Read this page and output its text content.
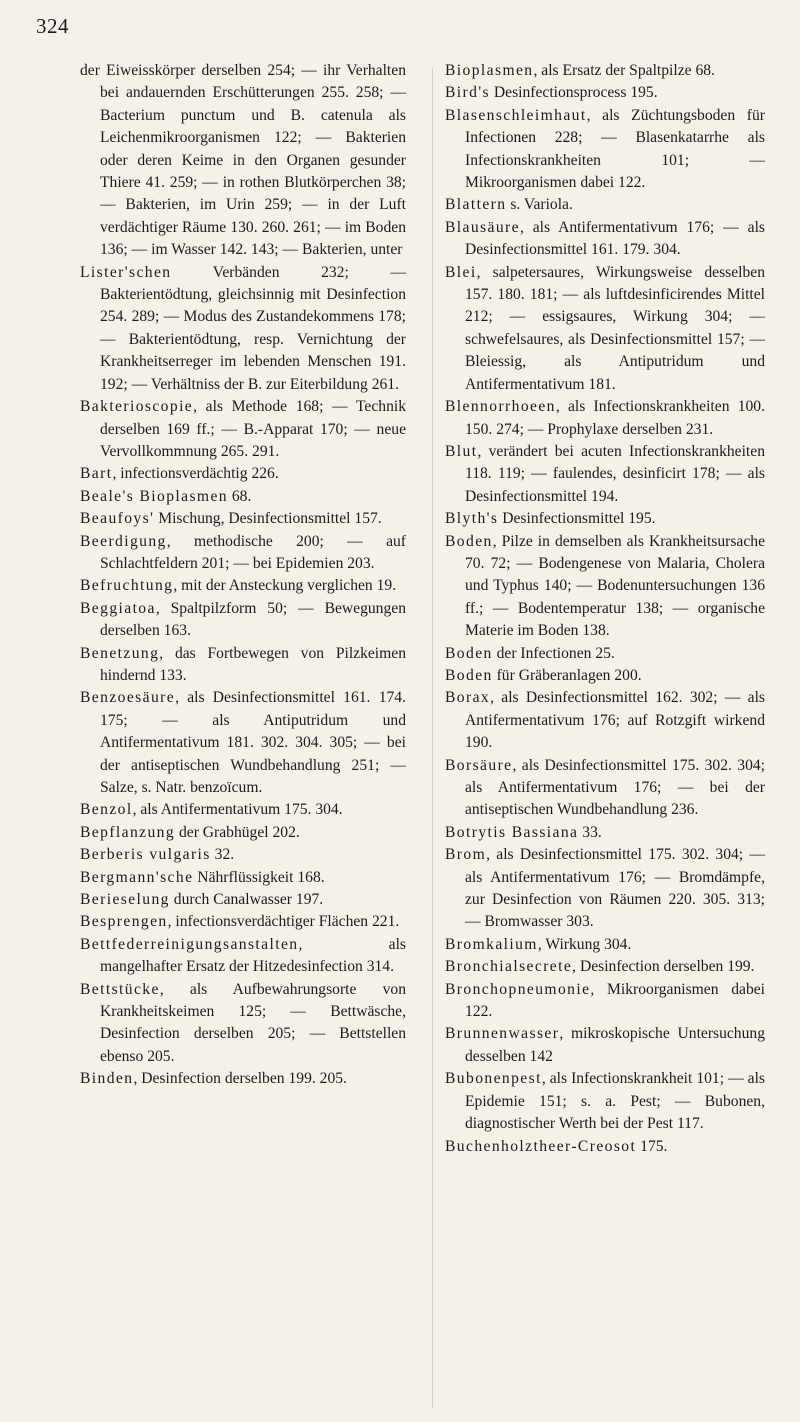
324

der Eiweisskörper derselben 254; — ihr Verhalten bei andauernden Erschütterungen 255. 258; — Bacterium punctum und B. catenula als Leichenmikroorganismen 122; — Bakterien oder deren Keime in den Organen gesunder Thiere 41. 259; — in rothen Blutkörperchen 38; — Bakterien, im Urin 259; — in der Luft verdächtiger Räume 130. 260. 261; — im Boden 136; — im Wasser 142. 143; — Bakterien, unter

Lister'schen Verbänden 232; — Bakterientödtung, gleichsinnig mit Desinfection 254. 289; — Modus des Zustandekommens 178; — Bakterientödtung, resp. Vernichtung der Krankheitserreger im lebenden Menschen 191. 192; — Verhältniss der B. zur Eiterbildung 261.

Bakterioscopie, als Methode 168; — Technik derselben 169 ff.; — B.-Apparat 170; — neue Vervollkommnung 265. 291.

Bart, infectionsverdächtig 226.

Beale's Bioplasmen 68.

Beaufoys' Mischung, Desinfectionsmittel 157.

Beerdigung, methodische 200; — auf Schlachtfeldern 201; — bei Epidemien 203.

Befruchtung, mit der Ansteckung verglichen 19.

Beggiatoa, Spaltpilzform 50; — Bewegungen derselben 163.

Benetzung, das Fortbewegen von Pilzkeimen hindernd 133.

Benzoesäure, als Desinfectionsmittel 161. 174. 175; — als Antiputridum und Antifermentativum 181. 302. 304. 305; — bei der antiseptischen Wundbehandlung 251; — Salze, s. Natr. benzoïcum.

Benzol, als Antifermentativum 175. 304.

Bepflanzung der Grabhügel 202.

Berberis vulgaris 32.

Bergmann'sche Nährflüssigkeit 168.

Berieselung durch Canalwasser 197.

Besprengen, infectionsverdächtiger Flächen 221.

Bettfederreinigungsanstalten, als mangelhafter Ersatz der Hitzedesinfection 314.

Bettstücke, als Aufbewahrungsorte von Krankheitskeimen 125; — Bettwäsche, Desinfection derselben 205; — Bettstellen ebenso 205.

Binden, Desinfection derselben 199. 205.

Bioplasmen, als Ersatz der Spaltpilze 68.

Bird's Desinfectionsprocess 195.

Blasenschleimhaut, als Züchtungsboden für Infectionen 228; — Blasenkatarrhe als Infectionskrankheiten 101; — Mikroorganismen dabei 122.

Blattern s. Variola.

Blausäure, als Antifermentativum 176; — als Desinfectionsmittel 161. 179. 304.

Blei, salpetersaures, Wirkungsweise desselben 157. 180. 181; — als luftdesinficirendes Mittel 212; — essigsaures, Wirkung 304; — schwefelsaures, als Desinfectionsmittel 157; — Bleiessig, als Antiputridum und Antifermentativum 181.

Blennorrhoeen, als Infectionskrankheiten 100. 150. 274; — Prophylaxe derselben 231.

Blut, verändert bei acuten Infectionskrankheiten 118. 119; — faulendes, desinficirt 178; — als Desinfectionsmittel 194.

Blyth's Desinfectionsmittel 195.

Boden, Pilze in demselben als Krankheitsursache 70. 72; — Bodengenese von Malaria, Cholera und Typhus 140; — Bodenuntersuchungen 136 ff.; — Bodentemperatur 138; — organische Materie im Boden 138.

Boden der Infectionen 25.

Boden für Gräberanlagen 200.

Borax, als Desinfectionsmittel 162. 302; — als Antifermentativum 176; auf Rotzgift wirkend 190.

Borsäure, als Desinfectionsmittel 175. 302. 304; als Antifermentativum 176; — bei der antiseptischen Wundbehandlung 236.

Botrytis Bassiana 33.

Brom, als Desinfectionsmittel 175. 302. 304; — als Antifermentativum 176; — Bromdämpfe, zur Desinfection von Räumen 220. 305. 313; — Bromwasser 303.

Bromkalium, Wirkung 304.

Bronchialsecrete, Desinfection derselben 199.

Bronchopneumonie, Mikroorganismen dabei 122.

Brunnenwasser, mikroskopische Untersuchung desselben 142

Bubonenpest, als Infectionskrankheit 101; — als Epidemie 151; s. a. Pest; — Bubonen, diagnostischer Werth bei der Pest 117.

Buchenholztheer-Creosot 175.
